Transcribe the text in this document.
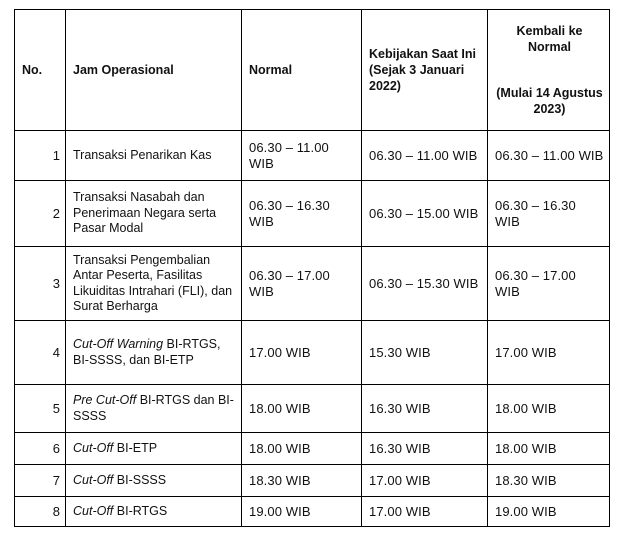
No.	Jam Operasional	Normal	Kebijakan Saat Ini (Sejak 3 Januari 2022)	Kembali ke Normal
(Mulai 14 Agustus 2023)

1	Transaksi Penarikan Kas	06.30 – 11.00 WIB	06.30 – 11.00 WIB	06.30 – 11.00 WIB
2	Transaksi Nasabah dan Penerimaan Negara serta Pasar Modal	06.30 – 16.30 WIB	06.30 – 15.00 WIB	06.30 – 16.30 WIB
3	Transaksi Pengembalian Antar Peserta, Fasilitas Likuiditas Intrahari (FLI), dan Surat Berharga	06.30 – 17.00 WIB	06.30 – 15.30 WIB	06.30 – 17.00 WIB
4	Cut-Off Warning BI-RTGS, BI-SSSS, dan BI-ETP	17.00 WIB	15.30 WIB	17.00 WIB
5	Pre Cut-Off BI-RTGS dan BI-SSSS	18.00 WIB	16.30 WIB	18.00 WIB
6	Cut-Off BI-ETP	18.00 WIB	16.30 WIB	18.00 WIB
7	Cut-Off BI-SSSS	18.30 WIB	17.00 WIB	18.30 WIB
8	Cut-Off BI-RTGS	19.00 WIB	17.00 WIB	19.00 WIB
